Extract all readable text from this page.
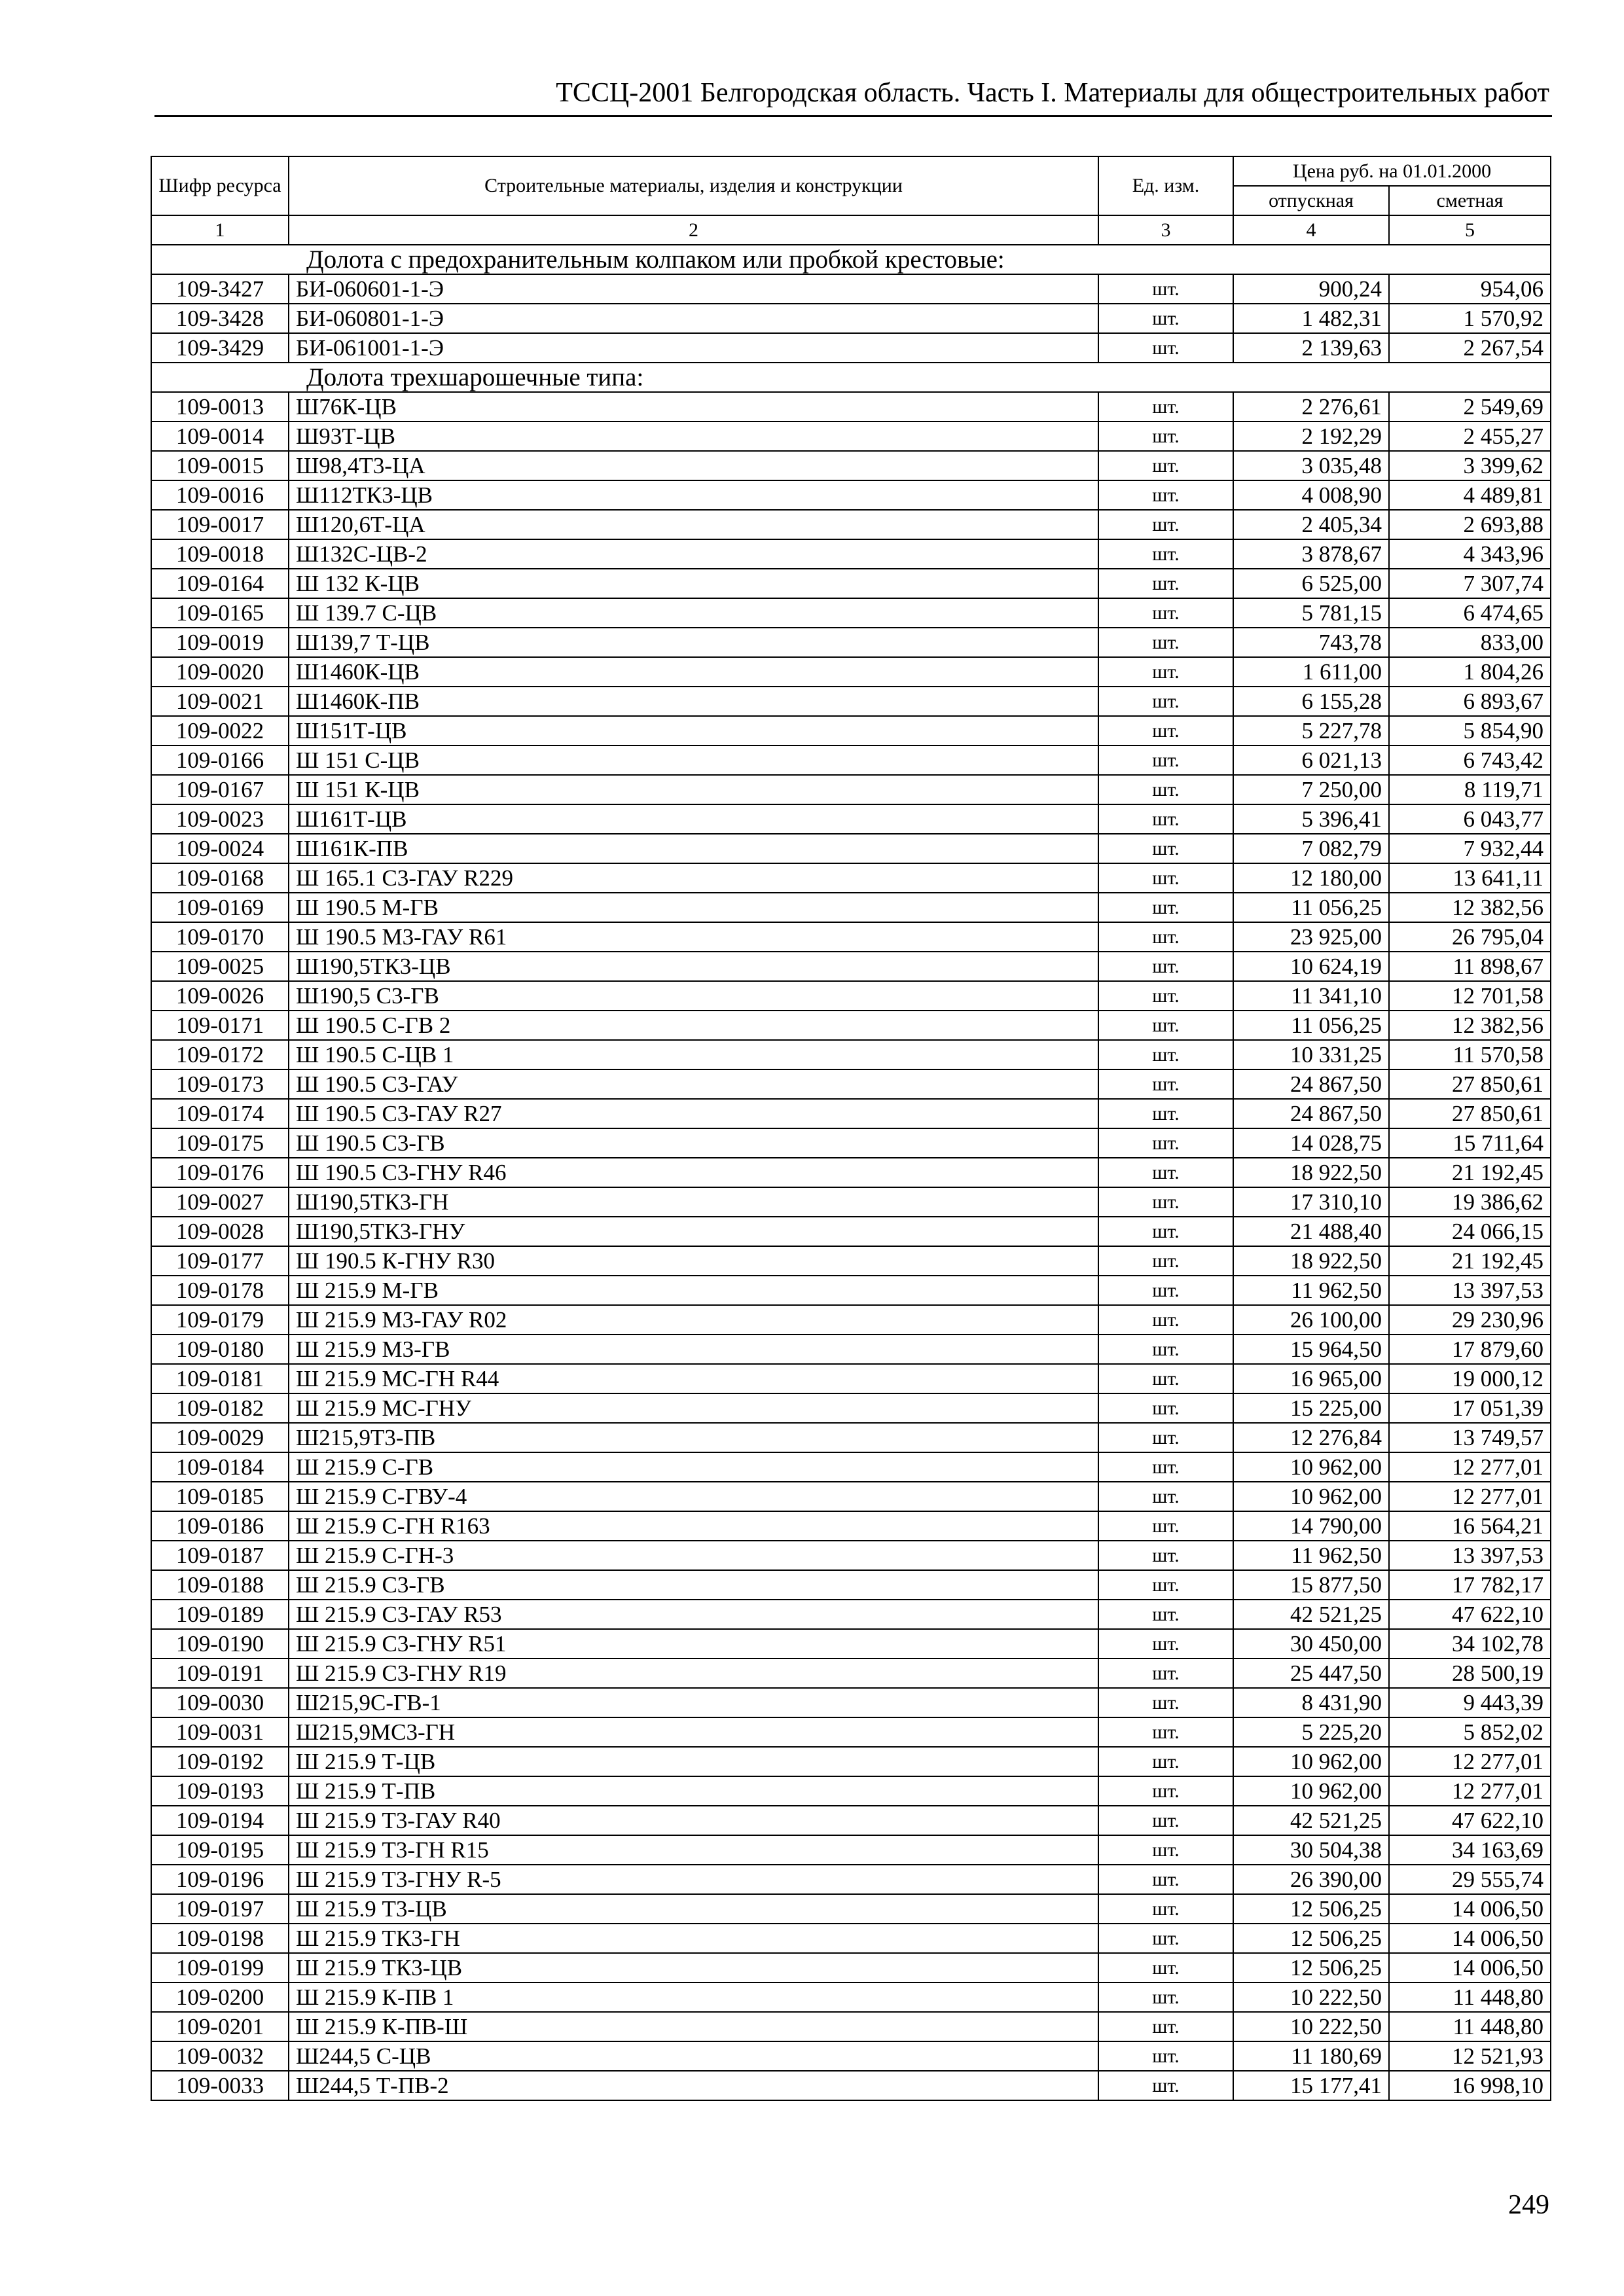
ТССЦ-2001 Белгородская область. Часть I. Материалы для общестроительных работ
Шифр ресурса	Строительные материалы, изделия и конструкции	Ед. изм.	Цена руб. на 01.01.2000	
			отпускная	сметная
1	2	3	4	5
Долота с предохранительным колпаком или пробкой крестовые:				
109-3427	БИ-060601-1-Э	шт.	900,24	954,06
109-3428	БИ-060801-1-Э	шт.	1 482,31	1 570,92
109-3429	БИ-061001-1-Э	шт.	2 139,63	2 267,54
Долота трехшарошечные типа:				
109-0013	Ш76К-ЦВ	шт.	2 276,61	2 549,69
109-0014	Ш93Т-ЦВ	шт.	2 192,29	2 455,27
109-0015	Ш98,4Т3-ЦА	шт.	3 035,48	3 399,62
109-0016	Ш112ТК3-ЦВ	шт.	4 008,90	4 489,81
109-0017	Ш120,6Т-ЦА	шт.	2 405,34	2 693,88
109-0018	Ш132С-ЦВ-2	шт.	3 878,67	4 343,96
109-0164	Ш 132 К-ЦВ	шт.	6 525,00	7 307,74
109-0165	Ш 139.7 С-ЦВ	шт.	5 781,15	6 474,65
109-0019	Ш139,7 Т-ЦВ	шт.	743,78	833,00
109-0020	Ш1460К-ЦВ	шт.	1 611,00	1 804,26
109-0021	Ш1460К-ПВ	шт.	6 155,28	6 893,67
109-0022	Ш151Т-ЦВ	шт.	5 227,78	5 854,90
109-0166	Ш 151 С-ЦВ	шт.	6 021,13	6 743,42
109-0167	Ш 151 К-ЦВ	шт.	7 250,00	8 119,71
109-0023	Ш161Т-ЦВ	шт.	5 396,41	6 043,77
109-0024	Ш161К-ПВ	шт.	7 082,79	7 932,44
109-0168	Ш 165.1 С3-ГАУ R229	шт.	12 180,00	13 641,11
109-0169	Ш 190.5 М-ГВ	шт.	11 056,25	12 382,56
109-0170	Ш 190.5 М3-ГАУ R61	шт.	23 925,00	26 795,04
109-0025	Ш190,5ТК3-ЦВ	шт.	10 624,19	11 898,67
109-0026	Ш190,5 С3-ГВ	шт.	11 341,10	12 701,58
109-0171	Ш 190.5 С-ГВ 2	шт.	11 056,25	12 382,56
109-0172	Ш 190.5 С-ЦВ 1	шт.	10 331,25	11 570,58
109-0173	Ш 190.5 С3-ГАУ	шт.	24 867,50	27 850,61
109-0174	Ш 190.5 С3-ГАУ R27	шт.	24 867,50	27 850,61
109-0175	Ш 190.5 С3-ГВ	шт.	14 028,75	15 711,64
109-0176	Ш 190.5 С3-ГНУ R46	шт.	18 922,50	21 192,45
109-0027	Ш190,5ТК3-ГН	шт.	17 310,10	19 386,62
109-0028	Ш190,5ТК3-ГНУ	шт.	21 488,40	24 066,15
109-0177	Ш 190.5 К-ГНУ R30	шт.	18 922,50	21 192,45
109-0178	Ш 215.9 М-ГВ	шт.	11 962,50	13 397,53
109-0179	Ш 215.9 М3-ГАУ R02	шт.	26 100,00	29 230,96
109-0180	Ш 215.9 М3-ГВ	шт.	15 964,50	17 879,60
109-0181	Ш 215.9 МС-ГН R44	шт.	16 965,00	19 000,12
109-0182	Ш 215.9 МС-ГНУ	шт.	15 225,00	17 051,39
109-0029	Ш215,9Т3-ПВ	шт.	12 276,84	13 749,57
109-0184	Ш 215.9 С-ГВ	шт.	10 962,00	12 277,01
109-0185	Ш 215.9 С-ГВУ-4	шт.	10 962,00	12 277,01
109-0186	Ш 215.9 С-ГН R163	шт.	14 790,00	16 564,21
109-0187	Ш 215.9 С-ГН-3	шт.	11 962,50	13 397,53
109-0188	Ш 215.9 С3-ГВ	шт.	15 877,50	17 782,17
109-0189	Ш 215.9 С3-ГАУ R53	шт.	42 521,25	47 622,10
109-0190	Ш 215.9 С3-ГНУ R51	шт.	30 450,00	34 102,78
109-0191	Ш 215.9 С3-ГНУ R19	шт.	25 447,50	28 500,19
109-0030	Ш215,9С-ГВ-1	шт.	8 431,90	9 443,39
109-0031	Ш215,9МС3-ГН	шт.	5 225,20	5 852,02
109-0192	Ш 215.9 Т-ЦВ	шт.	10 962,00	12 277,01
109-0193	Ш 215.9 Т-ПВ	шт.	10 962,00	12 277,01
109-0194	Ш 215.9 Т3-ГАУ R40	шт.	42 521,25	47 622,10
109-0195	Ш 215.9 Т3-ГН R15	шт.	30 504,38	34 163,69
109-0196	Ш 215.9 Т3-ГНУ R-5	шт.	26 390,00	29 555,74
109-0197	Ш 215.9 Т3-ЦВ	шт.	12 506,25	14 006,50
109-0198	Ш 215.9 ТК3-ГН	шт.	12 506,25	14 006,50
109-0199	Ш 215.9 ТК3-ЦВ	шт.	12 506,25	14 006,50
109-0200	Ш 215.9 К-ПВ 1	шт.	10 222,50	11 448,80
109-0201	Ш 215.9 К-ПВ-Ш	шт.	10 222,50	11 448,80
109-0032	Ш244,5 С-ЦВ	шт.	11 180,69	12 521,93
109-0033	Ш244,5 Т-ПВ-2	шт.	15 177,41	16 998,10
249
